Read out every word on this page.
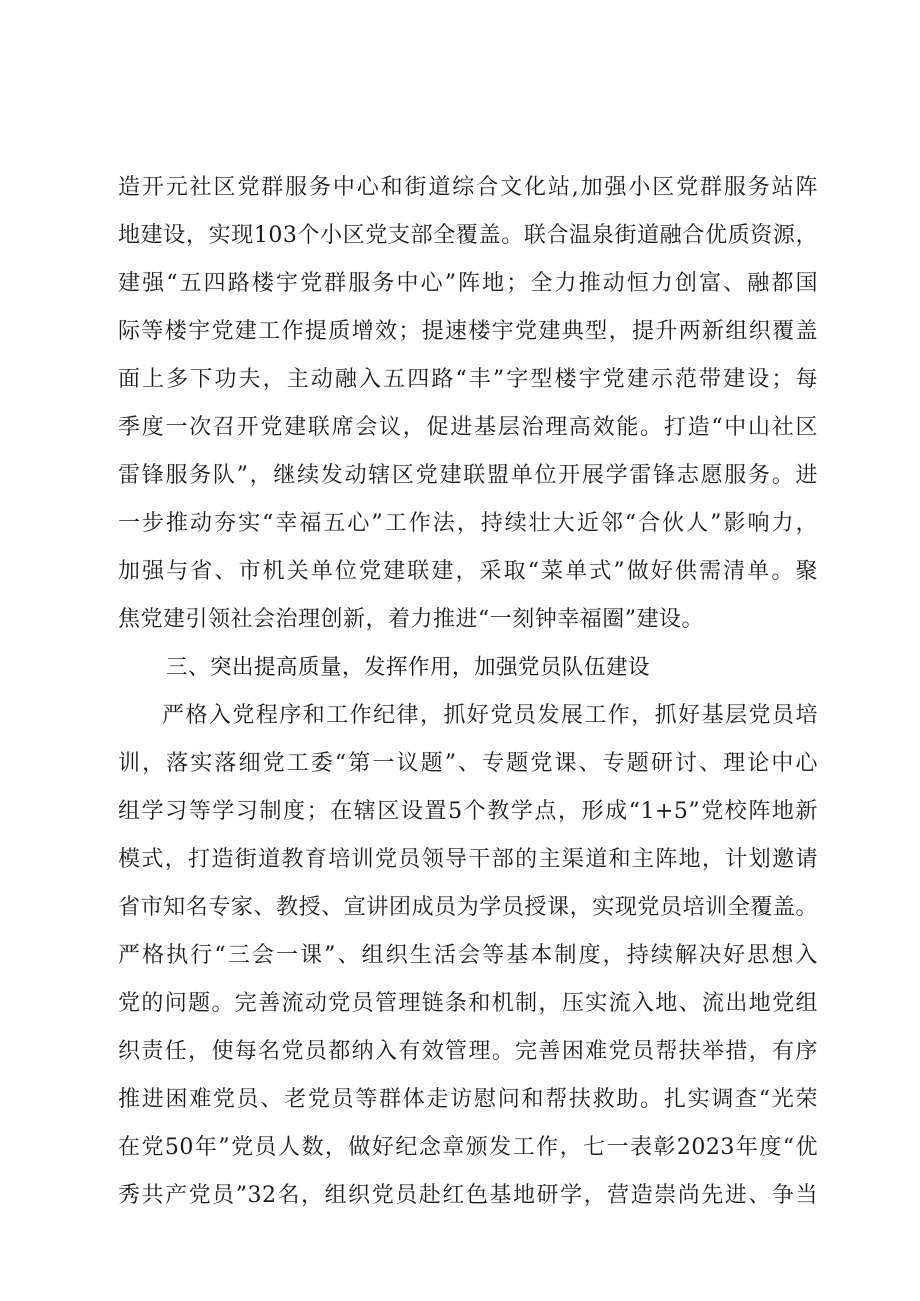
造开元社区党群服务中心和街道综合文化站,加强小区党群服务站阵
地建设，实现103个小区党支部全覆盖。联合温泉街道融合优质资源，
建强“五四路楼宇党群服务中心”阵地；全力推动恒力创富、融都国
际等楼宇党建工作提质增效；提速楼宇党建典型，提升两新组织覆盖
面上多下功夫，主动融入五四路“丰”字型楼宇党建示范带建设；每
季度一次召开党建联席会议，促进基层治理高效能。打造“中山社区
雷锋服务队”，继续发动辖区党建联盟单位开展学雷锋志愿服务。进
一步推动夯实“幸福五心”工作法，持续壮大近邻“合伙人”影响力，
加强与省、市机关单位党建联建，采取“菜单式”做好供需清单。聚
焦党建引领社会治理创新，着力推进“一刻钟幸福圈”建设。
三、突出提高质量，发挥作用，加强党员队伍建设
严格入党程序和工作纪律，抓好党员发展工作，抓好基层党员培
训，落实落细党工委“第一议题”、专题党课、专题研讨、理论中心
组学习等学习制度；在辖区设置5个教学点，形成“1+5”党校阵地新
模式，打造街道教育培训党员领导干部的主渠道和主阵地，计划邀请
省市知名专家、教授、宣讲团成员为学员授课，实现党员培训全覆盖。
严格执行“三会一课”、组织生活会等基本制度，持续解决好思想入
党的问题。完善流动党员管理链条和机制，压实流入地、流出地党组
织责任，使每名党员都纳入有效管理。完善困难党员帮扶举措，有序
推进困难党员、老党员等群体走访慰问和帮扶救助。扎实调查“光荣
在党50年”党员人数，做好纪念章颁发工作，七一表彰2023年度“优
秀共产党员”32名，组织党员赴红色基地研学，营造崇尚先进、争当
